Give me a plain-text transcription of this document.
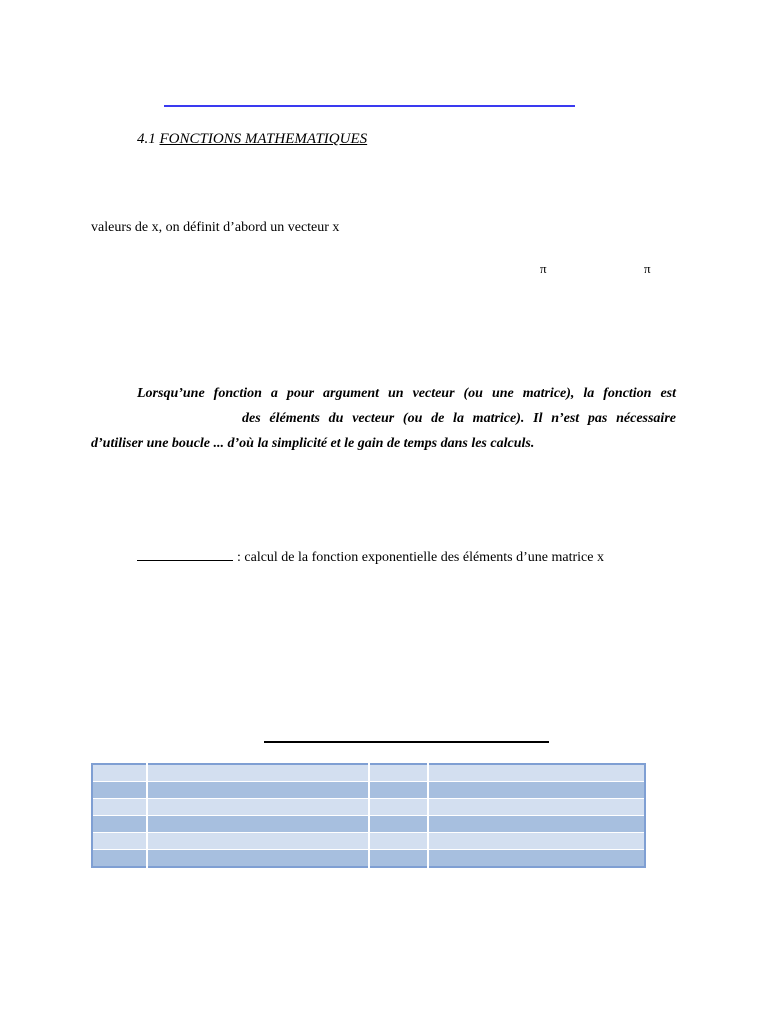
4.1 FONCTIONS MATHEMATIQUES
valeurs de x, on définit d’abord un vecteur x
π	π
Lorsqu’une fonction a pour argument un vecteur (ou une matrice), la fonction est
des éléments du vecteur (ou de la matrice). Il n’est pas nécessaire
d’utiliser une boucle ... d’où la simplicité et le gain de temps dans les calculs.
: calcul de la fonction exponentielle des éléments d’une matrice x
